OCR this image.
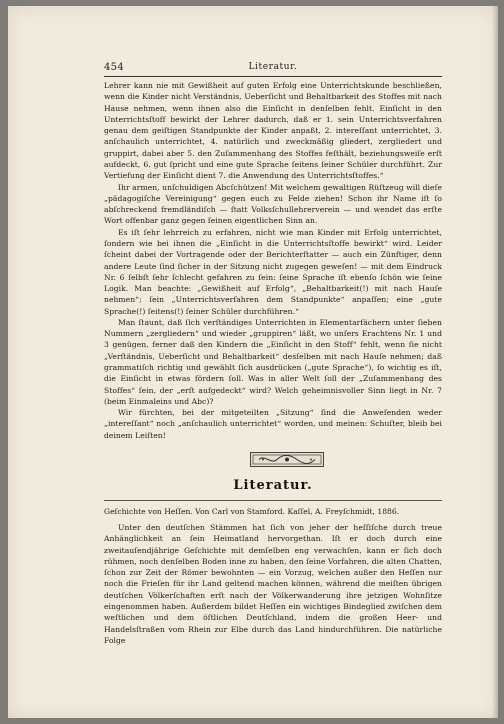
454	Literatur.

Lehrer kann nie mit Gewißheit auf guten Erfolg eine Unterrichtskunde beschließen, wenn die Kinder nicht Verständnis, Ueberſicht und Behaltbarkeit des Stoffes mit nach Hause nehmen, wenn ihnen also die Einſicht in denſelben fehlt. Einſicht in den Unterrichtsſtoff bewirkt der Lehrer dadurch, daß er 1. sein Unterrichtsverfahren genau dem geiſtigen Standpunkte der Kinder anpaßt, 2. intereſſant unterrichtet, 3. anſchaulich unterrichtet, 4. natürlich und zweckmäßig gliedert, zergliedert und gruppirt, dabei aber 5. den Zuſammenhang des Stoffes feſthält, beziehungsweiſe erſt aufdeckt, 6. gut ſpricht und eine gute Sprache ſeitens ſeiner Schüler durchführt. Zur Vertiefung der Einſicht dient 7. die Anwendung des Unterrichtsſtoffes.“

Ihr armen, unſchuldigen Abcſchützen! Mit welchem gewaltigen Rüſtzeug will dieſe „pädagogiſche Vereinigung“ gegen euch zu Felde ziehen! Schon ihr Name iſt ſo abſchreckend fremdländiſch — ſtatt Volksſchullehrerverein — und wendet das erſte Wort offenbar ganz gegen ſeinen eigentlichen Sinn an.

Es iſt ſehr lehrreich zu erfahren, nicht wie man Kinder mit Erfolg unterrichtet, ſondern wie bei ihnen die „Einſicht in die Unterrichtsſtoffe bewirkt“ wird. Leider ſcheint dabei der Vortragende oder der Berichterſtatter — auch ein Zünftiger, denn andere Leute ſind ſicher in der Sitzung nicht zugegen geweſen! — mit dem Eindruck Nr. 6 ſelbſt ſehr ſchlecht gefahren zu ſein: ſeine Sprache iſt ebenſo ſchön wie ſeine Logik. Man beachte: „Gewißheit auf Erfolg“, „Behaltbarkeit(!) mit nach Hauſe nehmen“; ſein „Unterrichtsverfahren dem Standpunkte“ anpaſſen; eine „gute Sprache(!) ſeitens(!) ſeiner Schüler durchführen.“

Man ſtaunt, daß ſich verſtändiges Unterrichten in Elementarfächern unter ſieben Nummern „zergliedern“ und wieder „gruppiren“ läßt, wo unſers Erachtens Nr. 1 und 3 genügen, ferner daß den Kindern die „Einſicht in den Stoff“ fehlt, wenn ſie nicht „Verſtändnis, Ueberſicht und Behaltbarkeit“ desſelben mit nach Hauſe nehmen; daß grammatiſch richtig und gewählt ſich ausdrücken („gute Sprache“), ſo wichtig es iſt, die Einſicht in etwas fördern ſoll. Was in aller Welt ſoll der „Zuſammenhang des Stoffes“ ſein, der „erſt aufgedeckt“ wird? Welch geheimnisvoller Sinn liegt in Nr. 7 (beim Einmaleins und Abc)?

Wir fürchten, bei der mitgeteilten „Sitzung“ ſind die Anweſenden weder „intereſſant“ noch „anſchaulich unterrichtet“ worden, und meinen: Schuſter, bleib bei deinem Leiſten!

Literatur.
Geſchichte von Heſſen. Von Carl von Stamford. Kaſſel, A. Freyſchmidt, 1886.

Unter den deutſchen Stämmen hat ſich von jeher der heſſiſche durch treue Anhänglichkeit an ſein Heimatland hervorgethan. Iſt er doch durch eine zweitauſendjährige Geſchichte mit demſelben eng verwachſen, kann er ſich doch rühmen, noch denſelben Boden inne zu haben, den ſeine Vorfahren, die alten Chatten, ſchon zur Zeit der Römer bewohnten — ein Vorzug, welchen außer den Heſſen nur noch die Frieſen für ihr Land geltend machen können, während die meiſten übrigen deutſchen Völkerſchaften erſt nach der Völkerwanderung ihre jetzigen Wohnſitze eingenommen haben. Außerdem bildet Heſſen ein wichtiges Bindeglied zwiſchen dem weſtlichen und dem öſtlichen Deutſchland, indem die großen Heer- und Handelsſtraßen vom Rhein zur Elbe durch das Land hindurchführen. Die natürliche Folge
